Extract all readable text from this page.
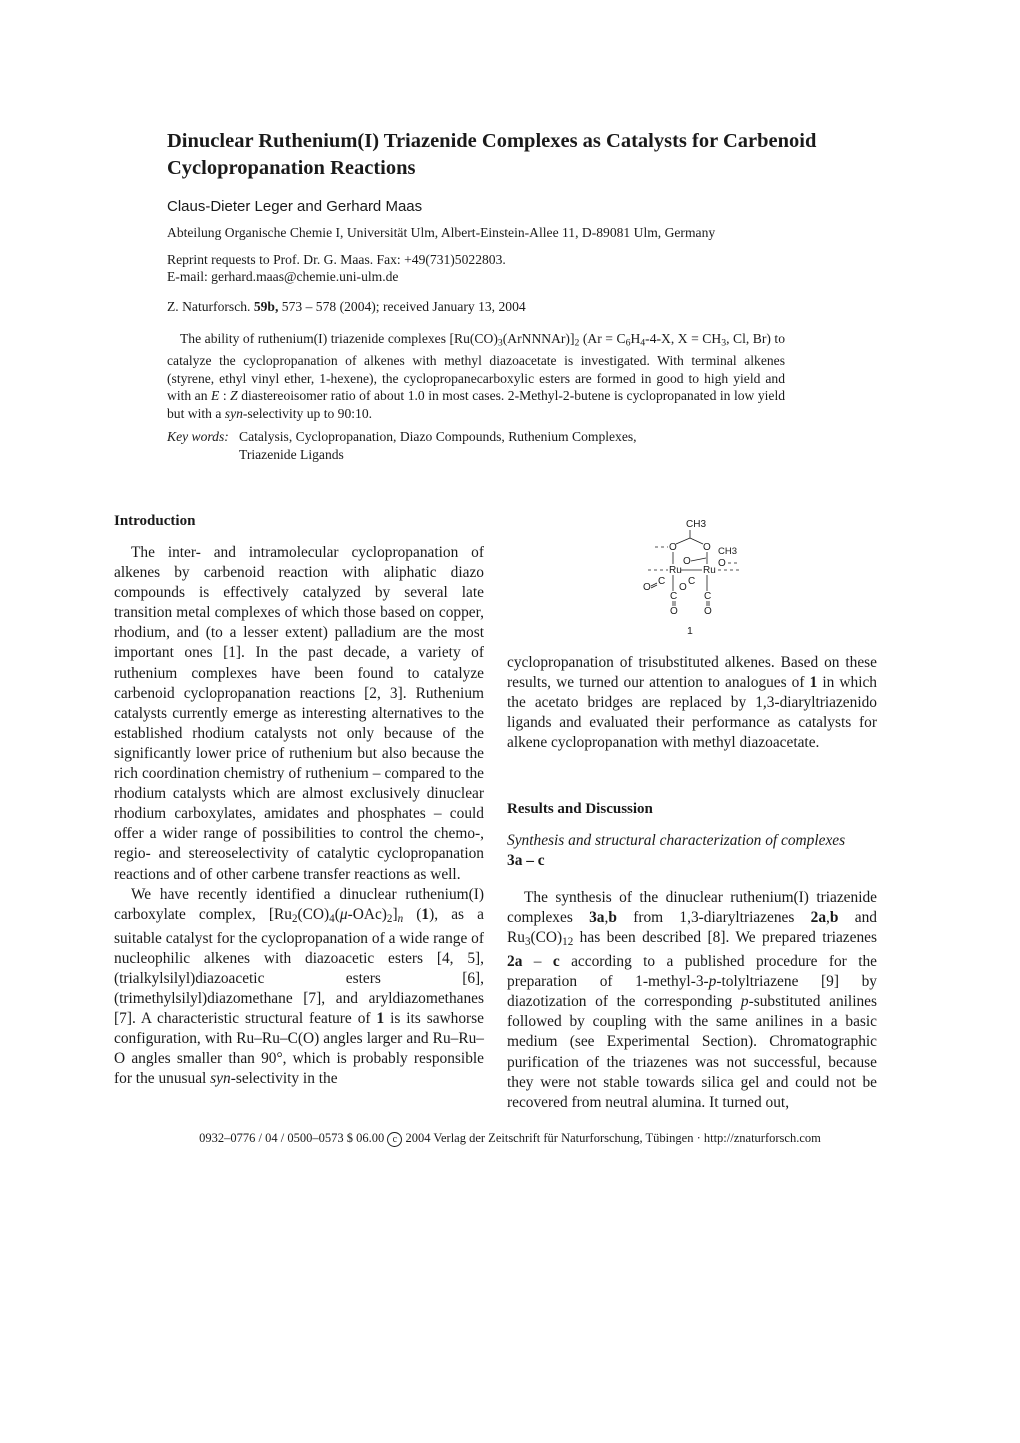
Dinuclear Ruthenium(I) Triazenide Complexes as Catalysts for Carbenoid Cyclopropanation Reactions
Claus-Dieter Leger and Gerhard Maas
Abteilung Organische Chemie I, Universität Ulm, Albert-Einstein-Allee 11, D-89081 Ulm, Germany
Reprint requests to Prof. Dr. G. Maas. Fax: +49(731)5022803.
E-mail: gerhard.maas@chemie.uni-ulm.de
Z. Naturforsch. 59b, 573 – 578 (2004); received January 13, 2004

The ability of ruthenium(I) triazenide complexes $[Ru(CO)_3(ArNNNAr)]_2$ ($Ar = C_6H_4-4-X$, $X = CH_3$, Cl, Br) to catalyze the cyclopropanation of alkenes with methyl diazoacetate is investigated. With terminal alkenes (styrene, ethyl vinyl ether, 1-hexene), the cyclopropanecarboxylic esters are formed in good to high yield and with an E : Z diastereoisomer ratio of about 1.0 in most cases. 2-Methyl-2-butene is cyclopropanated in low yield but with a syn-selectivity up to 90:10.

Key words: Catalysis, Cyclopropanation, Diazo Compounds, Ruthenium Complexes,
Triazenide Ligands
Introduction

The inter- and intramolecular cyclopropanation of alkenes by carbenoid reaction with aliphatic diazo compounds is effectively catalyzed by several late transition metal complexes of which those based on copper, rhodium, and (to a lesser extent) palladium are the most important ones [1]. In the past decade, a variety of ruthenium complexes have been found to catalyze carbenoid cyclopropanation reactions [2, 3]. Ruthenium catalysts currently emerge as interesting alternatives to the established rhodium catalysts not only because of the significantly lower price of ruthenium but also because the rich coordination chemistry of ruthenium – compared to the rhodium catalysts which are almost exclusively dinuclear rhodium carboxylates, amidates and phosphates – could offer a wider range of possibilities to control the chemo-, regio- and stereoselectivity of catalytic cyclopropanation reactions and of other carbene transfer reactions as well.

We have recently identified a dinuclear ruthenium(I) carboxylate complex, $[Ru_2(CO)_4(\mu-OAc)_2]_n$ (1), as a suitable catalyst for the cyclopropanation of a wide range of nucleophilic alkenes with diazoacetic esters [4, 5], (trialkylsilyl)diazoacetic esters [6], (trimethylsilyl)diazomethane [7], and aryldiazomethanes [7]. A characteristic structural feature of 1 is its sawhorse configuration, with Ru–Ru–C(O) angles larger and Ru–Ru–O angles smaller than 90°, which is probably responsible for the unusual syn-selectivity in the

CH3
CH3
O	O
O	O
Ru Ru
O
C
O
C
C	C
O	O
1

cyclopropanation of trisubstituted alkenes. Based on these results, we turned our attention to analogues of 1 in which the acetato bridges are replaced by 1,3-diaryltriazenido ligands and evaluated their performance as catalysts for alkene cyclopropanation with methyl diazoacetate.

Results and Discussion
Synthesis and structural characterization of complexes
3a – c

The synthesis of the dinuclear ruthenium(I) triazenide complexes 3a,b from 1,3-diaryltriazenes 2a,b and $Ru_3(CO)_{12}$ has been described [8]. We prepared triazenes 2a – c according to a published procedure for the preparation of 1-methyl-3-p-tolyltriazene [9] by diazotization of the corresponding p-substituted anilines followed by coupling with the same anilines in a basic medium (see Experimental Section). Chromatographic purification of the triazenes was not successful, because they were not stable towards silica gel and could not be recovered from neutral alumina. It turned out,

0932–0776 / 04 / 0500–0573 $ 06.00 c 2004 Verlag der Zeitschrift für Naturforschung, Tübingen · http://znaturforsch.com
